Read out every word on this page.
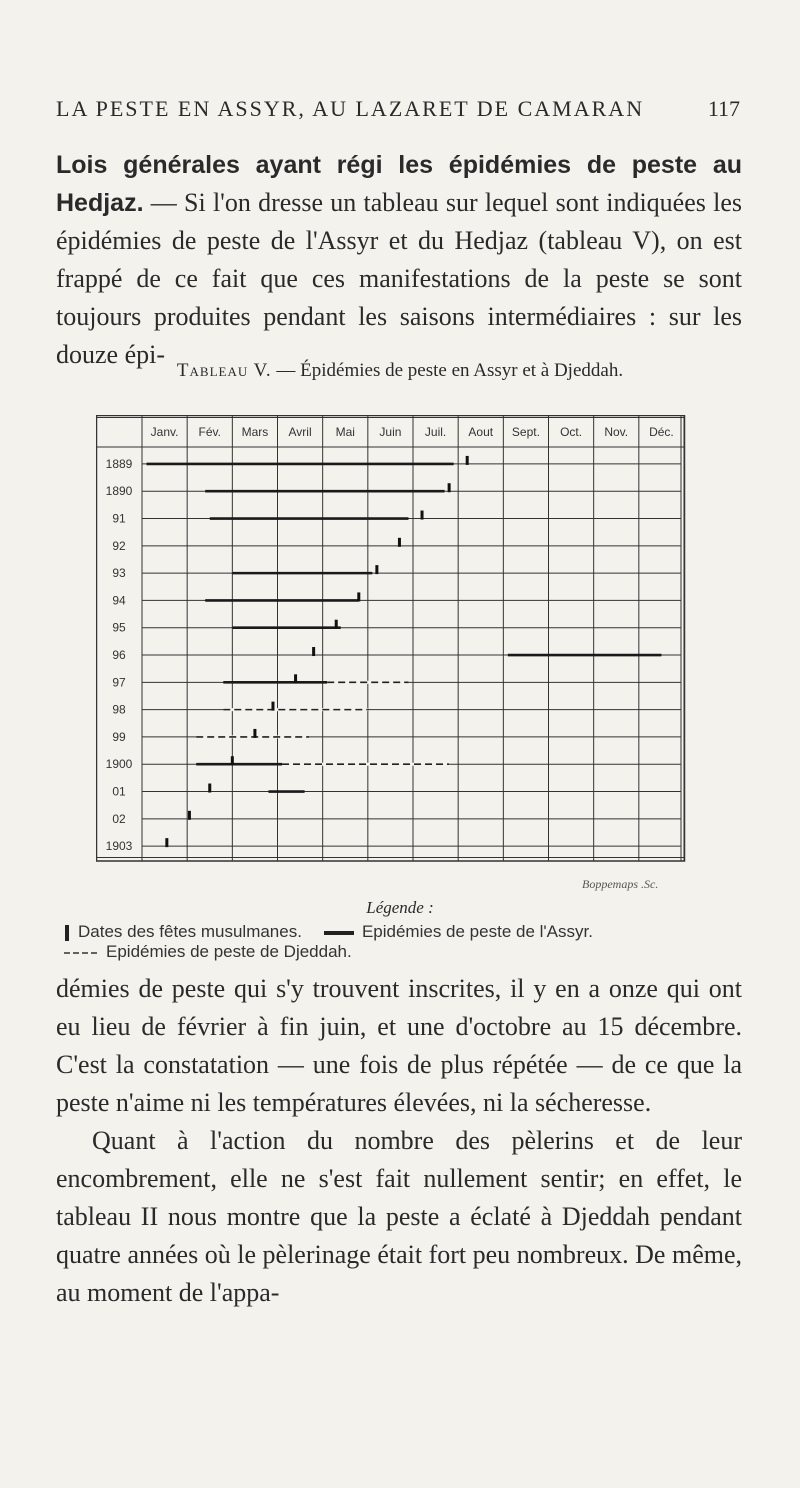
LA PESTE EN ASSYR, AU LAZARET DE CAMARAN	117
Lois générales ayant régi les épidémies de peste au Hedjaz. — Si l'on dresse un tableau sur lequel sont indiquées les épidémies de peste de l'Assyr et du Hedjaz (tableau V), on est frappé de ce fait que ces manifestations de la peste se sont toujours produites pendant les saisons intermédiaires : sur les douze épi-
Tableau V. — Épidémies de peste en Assyr et à Djeddah.
Janv. Fév. Mars Avril Mai Juin Juil. Aout Sept. Oct. Nov. Déc.
1889
1890
91
92
93
94
95
96
97
98
99
1900
01
02
1903
Boppemaps .Sc.
Légende :
Dates des fêtes musulmanes.	Epidémies de peste de l'Assyr.
Epidémies de peste de Djeddah.
démies de peste qui s'y trouvent inscrites, il y en a onze qui ont eu lieu de février à fin juin, et une d'octobre au 15 décembre. C'est la constatation — une fois de plus répétée — de ce que la peste n'aime ni les températures élevées, ni la sécheresse.
Quant à l'action du nombre des pèlerins et de leur encombrement, elle ne s'est fait nullement sentir; en effet, le tableau II nous montre que la peste a éclaté à Djeddah pendant quatre années où le pèlerinage était fort peu nombreux. De même, au moment de l'appa-
